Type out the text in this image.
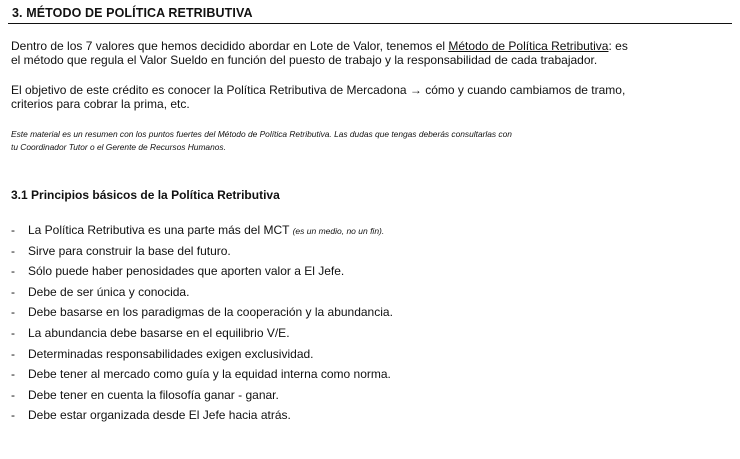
3. MÉTODO DE POLÍTICA RETRIBUTIVA
Dentro de los 7 valores que hemos decidido abordar en Lote de Valor, tenemos el Método de Política Retributiva: es
el método que regula el Valor Sueldo en función del puesto de trabajo y la responsabilidad de cada trabajador.
El objetivo de este crédito es conocer la Política Retributiva de Mercadona → cómo y cuando cambiamos de tramo,
criterios para cobrar la prima, etc.
Este material es un resumen con los puntos fuertes del Método de Política Retributiva. Las dudas que tengas deberás consultarlas con
tu Coordinador Tutor o el Gerente de Recursos Humanos.
3.1 Principios básicos de la Política Retributiva
- La Política Retributiva es una parte más del MCT (es un medio, no un fin).
- Sirve para construir la base del futuro.
- Sólo puede haber penosidades que aporten valor a El Jefe.
- Debe de ser única y conocida.
- Debe basarse en los paradigmas de la cooperación y la abundancia.
- La abundancia debe basarse en el equilibrio V/E.
- Determinadas responsabilidades exigen exclusividad.
- Debe tener al mercado como guía y la equidad interna como norma.
- Debe tener en cuenta la filosofía ganar - ganar.
- Debe estar organizada desde El Jefe hacia atrás.
